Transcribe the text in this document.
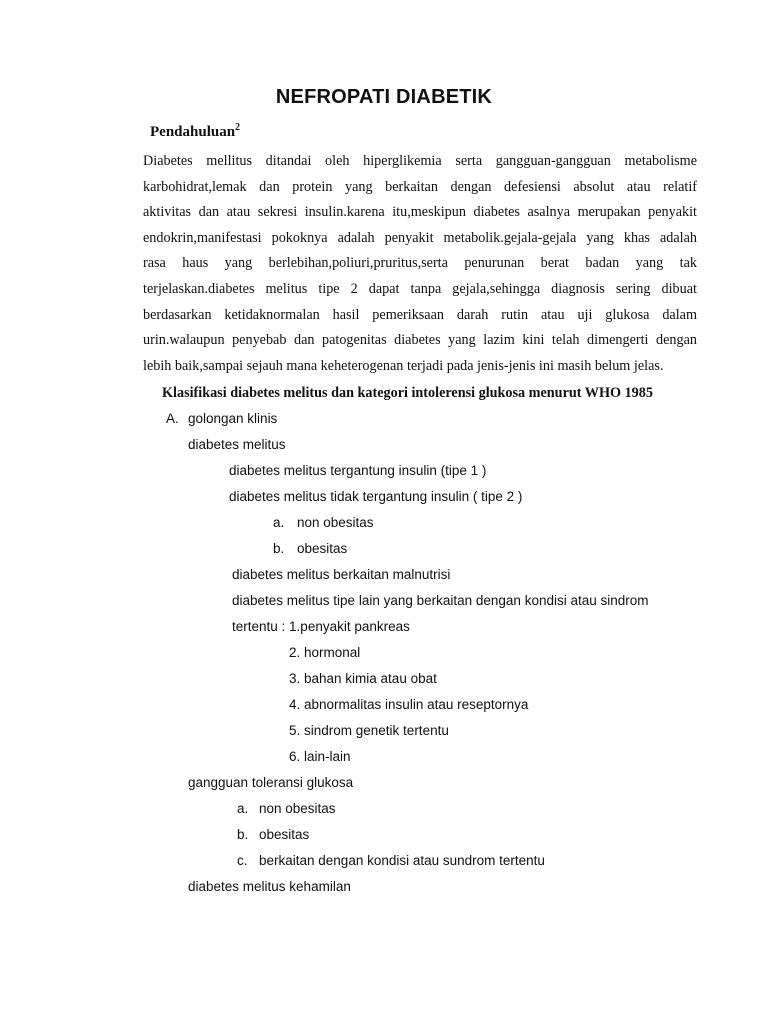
NEFROPATI DIABETIK
Pendahuluan$^2$
Diabetes mellitus ditandai oleh hiperglikemia serta gangguan-gangguan metabolisme
karbohidrat,lemak dan protein yang berkaitan dengan defesiensi absolut atau relatif
aktivitas dan atau sekresi insulin.karena itu,meskipun diabetes asalnya merupakan penyakit
endokrin,manifestasi pokoknya adalah penyakit metabolik.gejala-gejala yang khas adalah
rasa haus yang berlebihan,poliuri,pruritus,serta penurunan berat badan yang tak
terjelaskan.diabetes melitus tipe 2 dapat tanpa gejala,sehingga diagnosis sering dibuat
berdasarkan ketidaknormalan hasil pemeriksaan darah rutin atau uji glukosa dalam
urin.walaupun penyebab dan patogenitas diabetes yang lazim kini telah dimengerti dengan
lebih baik,sampai sejauh mana keheterogenan terjadi pada jenis-jenis ini masih belum jelas.
Klasifikasi diabetes melitus dan kategori intolerensi glukosa menurut WHO 1985
A. golongan klinis
diabetes melitus
diabetes melitus tergantung insulin (tipe 1 )
diabetes melitus tidak tergantung insulin ( tipe 2 )
a. non obesitas
b. obesitas
diabetes melitus berkaitan malnutrisi
diabetes melitus tipe lain yang berkaitan dengan kondisi atau sindrom
tertentu : 1.penyakit pankreas
2. hormonal
3. bahan kimia atau obat
4. abnormalitas insulin atau reseptornya
5. sindrom genetik tertentu
6. lain-lain
gangguan toleransi glukosa
a. non obesitas
b. obesitas
c. berkaitan dengan kondisi atau sundrom tertentu
diabetes melitus kehamilan
